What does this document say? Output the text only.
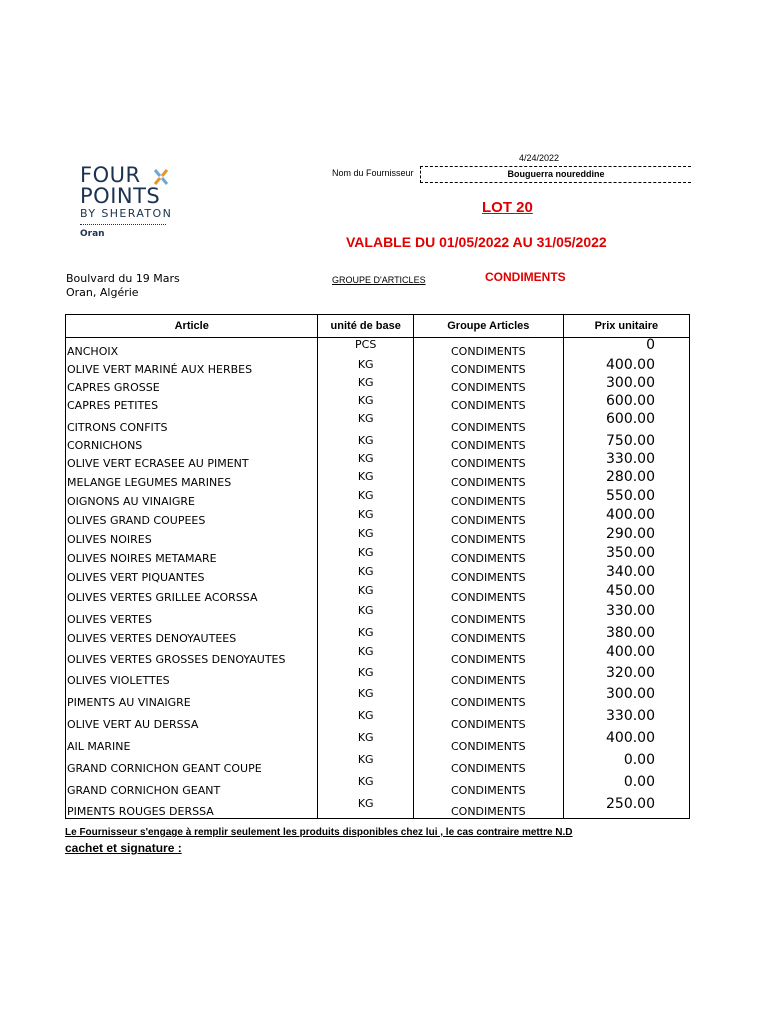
FOUR
POINTS
BY SHERATON
Oran
Boulvard du 19 Mars
Oran, Algérie
4/24/2022
Nom du Fournisseur	Bouguerra noureddine
LOT 20
VALABLE DU 01/05/2022 AU 31/05/2022
GROUPE D'ARTICLES	CONDIMENTS
Article	unité de base	Groupe Articles	Prix unitaire
ANCHOIX	PCS	CONDIMENTS	0
OLIVE VERT MARINÉ AUX HERBES	KG	CONDIMENTS	400.00
CAPRES GROSSE	KG	CONDIMENTS	300.00
CAPRES PETITES	KG	CONDIMENTS	600.00
CITRONS CONFITS	KG	CONDIMENTS	600.00
CORNICHONS	KG	CONDIMENTS	750.00
OLIVE VERT ECRASEE AU PIMENT	KG	CONDIMENTS	330.00
MELANGE LEGUMES MARINES	KG	CONDIMENTS	280.00
OIGNONS AU VINAIGRE	KG	CONDIMENTS	550.00
OLIVES GRAND COUPEES	KG	CONDIMENTS	400.00
OLIVES NOIRES	KG	CONDIMENTS	290.00
OLIVES NOIRES METAMARE	KG	CONDIMENTS	350.00
OLIVES VERT PIQUANTES	KG	CONDIMENTS	340.00
OLIVES VERTES GRILLEE ACORSSA	KG	CONDIMENTS	450.00
OLIVES VERTES	KG	CONDIMENTS	330.00
OLIVES VERTES DENOYAUTEES	KG	CONDIMENTS	380.00
OLIVES VERTES GROSSES DENOYAUTES	KG	CONDIMENTS	400.00
OLIVES VIOLETTES	KG	CONDIMENTS	320.00
PIMENTS AU VINAIGRE	KG	CONDIMENTS	300.00
OLIVE VERT AU DERSSA	KG	CONDIMENTS	330.00
AIL MARINE	KG	CONDIMENTS	400.00
GRAND CORNICHON GEANT COUPE	KG	CONDIMENTS	0.00
GRAND CORNICHON GEANT	KG	CONDIMENTS	0.00
PIMENTS ROUGES DERSSA	KG	CONDIMENTS	250.00
Le Fournisseur s'engage à remplir seulement les produits disponibles chez lui , le cas contraire mettre N.D
cachet et signature :
